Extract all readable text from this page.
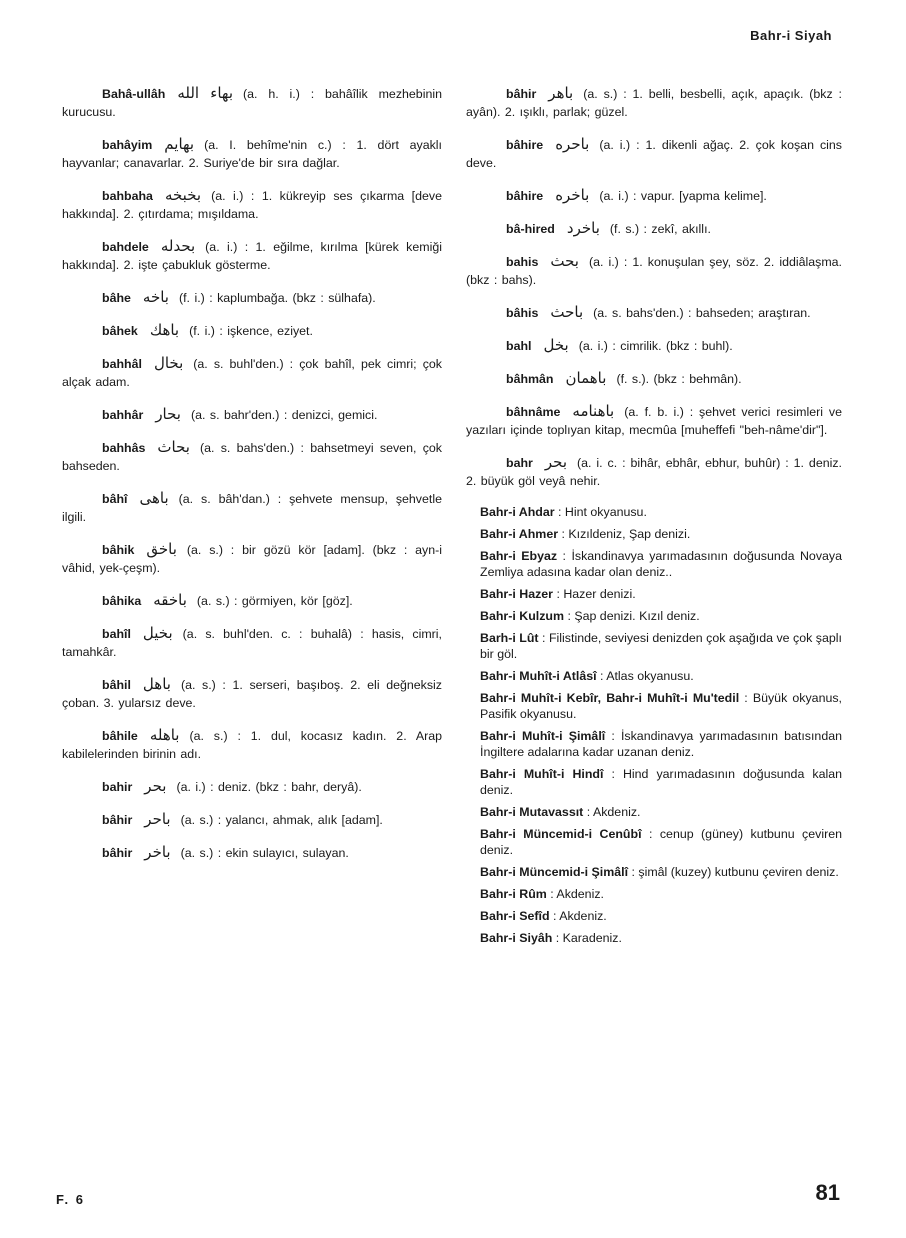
Bahr-i Siyah
Bahâ-ullâh بهاء الله (a. h. i.) : bahâîlik mezhebinin kurucusu.
bahâyim بهايم (a. I. behîme'nin c.) : 1. dört ayaklı hayvanlar; canavarlar. 2. Suriye'de bir sıra dağlar.
bahbaha بخبخه (a. i.) : 1. kükreyip ses çıkarma [deve hakkında]. 2. çıtırdama; mışıldama.
bahdele بحدله (a. i.) : 1. eğilme, kırılma [kürek kemiği hakkında]. 2. işte çabukluk gösterme.
bâhe باخه (f. i.) : kaplumbağa. (bkz : sülhafa).
bâhek باهك (f. i.) : işkence, eziyet.
bahhâl بخال (a. s. buhl'den.) : çok bahîl, pek cimri; çok alçak adam.
bahhâr بحار (a. s. bahr'den.) : denizci, gemici.
bahhâs بحاث (a. s. bahs'den.) : bahsetmeyi seven, çok bahseden.
bâhî باهى (a. s. bâh'dan.) : şehvete mensup, şehvetle ilgili.
bâhik باخق (a. s.) : bir gözü kör [adam]. (bkz : ayn-i vâhid, yek-çeşm).
bâhika باخقه (a. s.) : görmiyen, kör [göz].
bahîl بخيل (a. s. buhl'den. c. : buhalâ) : hasis, cimri, tamahkâr.
bâhil باهل (a. s.) : 1. serseri, başıboş. 2. eli değneksiz çoban. 3. yularsız deve.
bâhile باهله (a. s.) : 1. dul, kocasız kadın. 2. Arap kabilelerinden birinin adı.
bahir بحر (a. i.) : deniz. (bkz : bahr, deryâ).
bâhir باحر (a. s.) : yalancı, ahmak, alık [adam].
bâhir باخر (a. s.) : ekin sulayıcı, sulayan.
bâhir باهر (a. s.) : 1. belli, besbelli, açık, apaçık. (bkz : ayân). 2. ışıklı, parlak; güzel.
bâhire باحره (a. i.) : 1. dikenli ağaç. 2. çok koşan cins deve.
bâhire باخره (a. i.) : vapur. [yapma kelime].
bâ-hired باخرد (f. s.) : zekî, akıllı.
bahis بحث (a. i.) : 1. konuşulan şey, söz. 2. iddiâlaşma. (bkz : bahs).
bâhis باحث (a. s. bahs'den.) : bahseden; araştıran.
bahl بخل (a. i.) : cimrilik. (bkz : buhl).
bâhmân باهمان (f. s.). (bkz : behmân).
bâhnâme باهنامه (a. f. b. i.) : şehvet verici resimleri ve yazıları içinde toplıyan kitap, mecmûa [muheffefi "beh-nâme'dir"].
bahr بحر (a. i. c. : bihâr, ebhâr, ebhur, buhûr) : 1. deniz. 2. büyük göl veyâ nehir.
Bahr-i Ahdar : Hint okyanusu.
Bahr-i Ahmer : Kızıldeniz, Şap denizi.
Bahr-i Ebyaz : İskandinavya yarımadasının doğusunda Novaya Zemliya adasına kadar olan deniz..
Bahr-i Hazer : Hazer denizi.
Bahr-i Kulzum : Şap denizi. Kızıl deniz.
Barh-i Lût : Filistinde, seviyesi denizden çok aşağıda ve çok şaplı bir göl.
Bahr-i Muhît-i Atlâsî : Atlas okyanusu.
Bahr-i Muhît-i Kebîr, Bahr-i Muhît-i Mu'tedil : Büyük okyanus, Pasifik okyanusu.
Bahr-i Muhît-i Şimâlî : İskandinavya yarımadasının batısından İngiltere adalarına kadar uzanan deniz.
Bahr-i Muhît-i Hindî : Hind yarımadasının doğusunda kalan deniz.
Bahr-i Mutavassıt : Akdeniz.
Bahr-i Müncemid-i Cenûbî : cenup (güney) kutbunu çeviren deniz.
Bahr-i Müncemid-i Şimâlî : şimâl (kuzey) kutbunu çeviren deniz.
Bahr-i Rûm : Akdeniz.
Bahr-i Sefîd : Akdeniz.
Bahr-i Siyâh : Karadeniz.
F. 6	81
